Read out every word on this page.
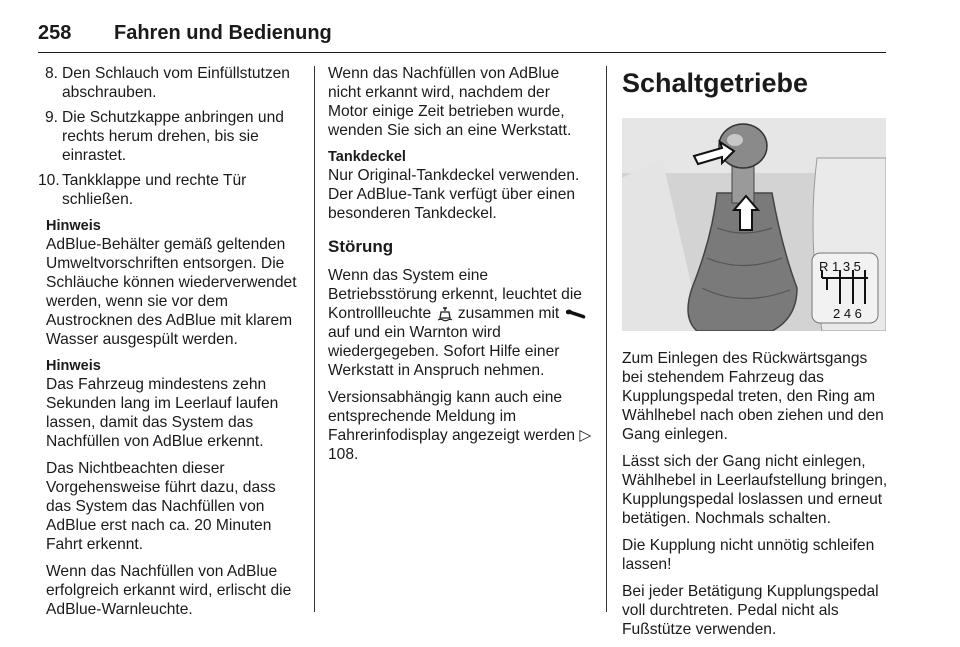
258	Fahren und Bedienung
8. Den Schlauch vom Einfüllstutzen abschrauben.
9. Die Schutzkappe anbringen und rechts herum drehen, bis sie einrastet.
10. Tankklappe und rechte Tür schließen.
Hinweis

AdBlue-Behälter gemäß geltenden Umweltvorschriften entsorgen. Die Schläuche können wiederverwendet werden, wenn sie vor dem Austrocknen des AdBlue mit klarem Wasser ausgespült werden.

Hinweis

Das Fahrzeug mindestens zehn Sekunden lang im Leerlauf laufen lassen, damit das System das Nachfüllen von AdBlue erkennt.

Das Nichtbeachten dieser Vorgehensweise führt dazu, dass das System das Nachfüllen von AdBlue erst nach ca. 20 Minuten Fahrt erkennt.

Wenn das Nachfüllen von AdBlue erfolgreich erkannt wird, erlischt die AdBlue-Warnleuchte.

Wenn das Nachfüllen von AdBlue nicht erkannt wird, nachdem der Motor einige Zeit betrieben wurde, wenden Sie sich an eine Werkstatt.

Tankdeckel

Nur Original-Tankdeckel verwenden. Der AdBlue-Tank verfügt über einen besonderen Tankdeckel.

Störung

Wenn das System eine Betriebsstörung erkennt, leuchtet die Kontrollleuchte zusammen mit  auf und ein Warnton wird wiedergegeben. Sofort Hilfe einer Werkstatt in Anspruch nehmen.

Versionsabhängig kann auch eine entsprechende Meldung im Fahrerinfodisplay angezeigt werden ▷ 108.

Schaltgetriebe
R 1 3 5
2 4 6

Zum Einlegen des Rückwärtsgangs bei stehendem Fahrzeug das Kupplungspedal treten, den Ring am Wählhebel nach oben ziehen und den Gang einlegen.

Lässt sich der Gang nicht einlegen, Wählhebel in Leerlaufstellung bringen, Kupplungspedal loslassen und erneut betätigen. Nochmals schalten.

Die Kupplung nicht unnötig schleifen lassen!

Bei jeder Betätigung Kupplungspedal voll durchtreten. Pedal nicht als Fußstütze verwenden.
